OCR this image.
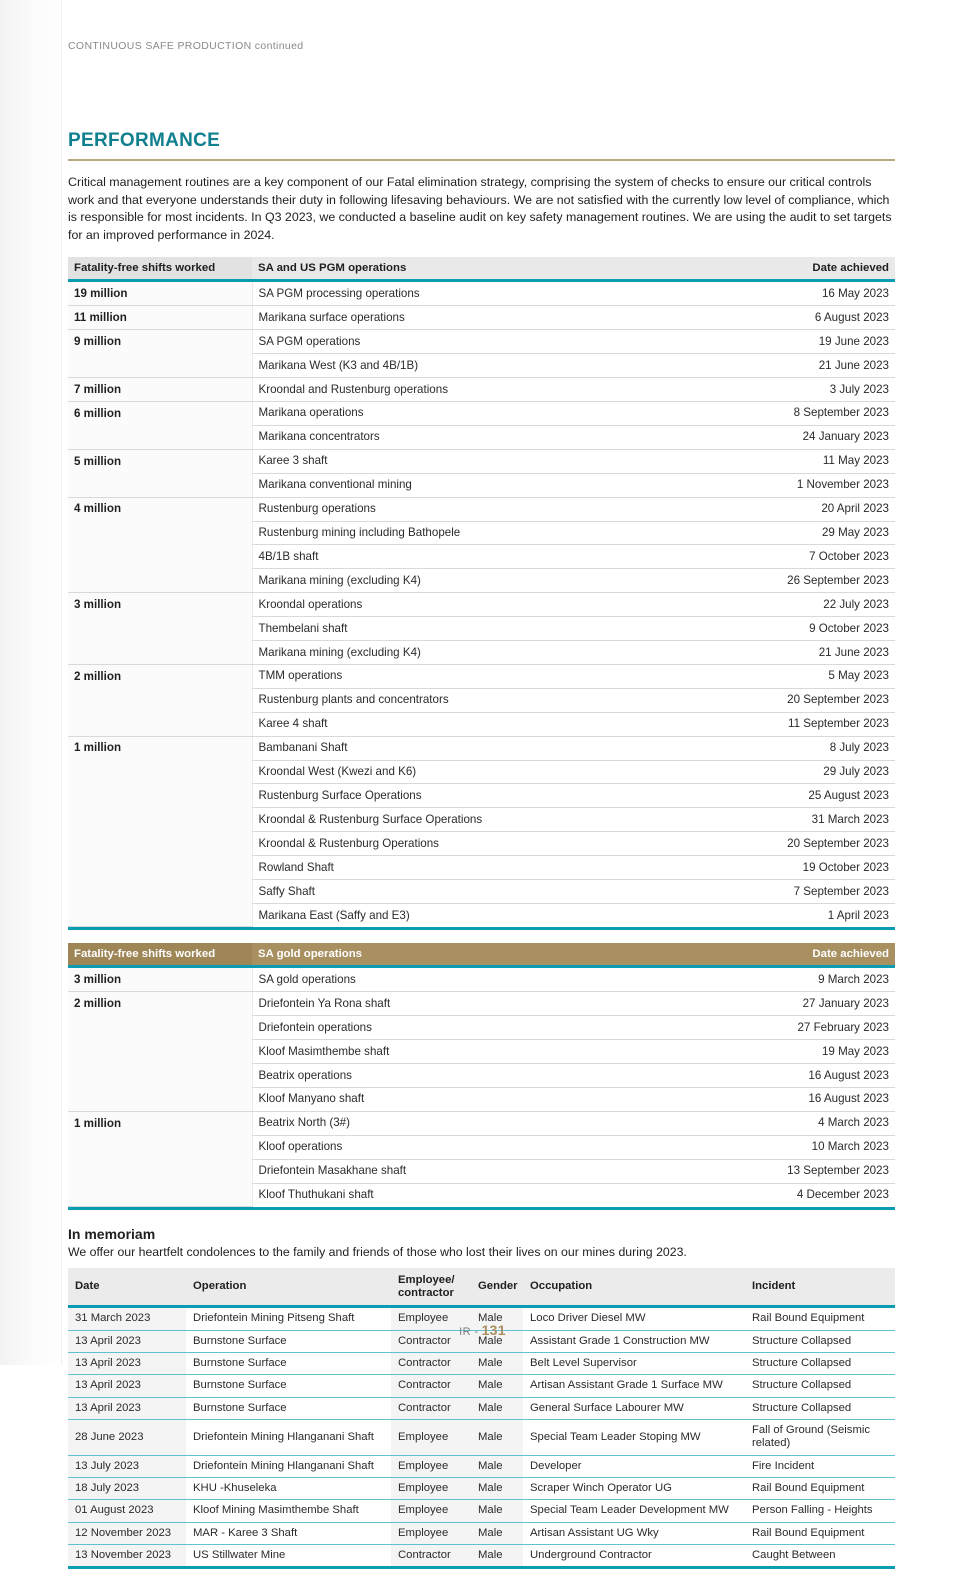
CONTINUOUS SAFE PRODUCTION continued
PERFORMANCE

Critical management routines are a key component of our Fatal elimination strategy, comprising the system of checks to ensure our critical controls work and that everyone understands their duty in following lifesaving behaviours. We are not satisfied with the currently low level of compliance, which is responsible for most incidents. In Q3 2023, we conducted a baseline audit on key safety management routines. We are using the audit to set targets for an improved performance in 2024.

Fatality-free shifts worked	SA and US PGM operations	Date achieved
19 million	SA PGM processing operations	16 May 2023
11 million	Marikana surface operations	6 August 2023
9 million	SA PGM operations	19 June 2023
	Marikana West (K3 and 4B/1B)	21 June 2023
7 million	Kroondal and Rustenburg operations	3 July 2023
6 million	Marikana operations	8 September 2023
	Marikana concentrators	24 January 2023
5 million	Karee 3 shaft	11 May 2023
	Marikana conventional mining	1 November 2023
4 million	Rustenburg operations	20 April 2023
	Rustenburg mining including Bathopele	29 May 2023
	4B/1B shaft	7 October 2023
	Marikana mining (excluding K4)	26 September 2023
3 million	Kroondal operations	22 July 2023
	Thembelani shaft	9 October 2023
	Marikana mining (excluding K4)	21 June 2023
2 million	TMM operations	5 May 2023
	Rustenburg plants and concentrators	20 September 2023
	Karee 4 shaft	11 September 2023
1 million	Bambanani Shaft	8 July 2023
	Kroondal West (Kwezi and K6)	29 July 2023
	Rustenburg Surface Operations	25 August 2023
	Kroondal & Rustenburg Surface Operations	31 March 2023
	Kroondal & Rustenburg Operations	20 September 2023
	Rowland Shaft	19 October 2023
	Saffy Shaft	7 September 2023
	Marikana East (Saffy and E3)	1 April 2023
Fatality-free shifts worked	SA gold operations	Date achieved
3 million	SA gold operations	9 March 2023
2 million	Driefontein Ya Rona shaft	27 January 2023
	Driefontein operations	27 February 2023
	Kloof Masimthembe shaft	19 May 2023
	Beatrix operations	16 August 2023
	Kloof Manyano shaft	16 August 2023
1 million	Beatrix North (3#)	4 March 2023
	Kloof operations	10 March 2023
	Driefontein Masakhane shaft	13 September 2023
	Kloof Thuthukani shaft	4 December 2023
In memoriam

We offer our heartfelt condolences to the family and friends of those who lost their lives on our mines during 2023.

Date	Operation	Employee/
contractor	Gender	Occupation	Incident
31 March 2023	Driefontein Mining Pitseng Shaft	Employee	Male	Loco Driver Diesel MW	Rail Bound Equipment
13 April 2023	Burnstone Surface	Contractor	Male	Assistant Grade 1 Construction MW	Structure Collapsed
13 April 2023	Burnstone Surface	Contractor	Male	Belt Level Supervisor	Structure Collapsed
13 April 2023	Burnstone Surface	Contractor	Male	Artisan Assistant Grade 1 Surface MW	Structure Collapsed
13 April 2023	Burnstone Surface	Contractor	Male	General Surface Labourer MW	Structure Collapsed
28 June 2023	Driefontein Mining Hlanganani Shaft	Employee	Male	Special Team Leader Stoping MW	Fall of Ground (Seismic related)
13 July 2023	Driefontein Mining Hlanganani Shaft	Employee	Male	Developer	Fire Incident
18 July 2023	KHU -Khuseleka	Employee	Male	Scraper Winch Operator UG	Rail Bound Equipment
01 August 2023	Kloof Mining Masimthembe Shaft	Employee	Male	Special Team Leader Development MW	Person Falling - Heights
12 November 2023	MAR - Karee 3 Shaft	Employee	Male	Artisan Assistant UG Wky	Rail Bound Equipment
13 November 2023	US Stillwater Mine	Contractor	Male	Underground Contractor	Caught Between
IR - 131
